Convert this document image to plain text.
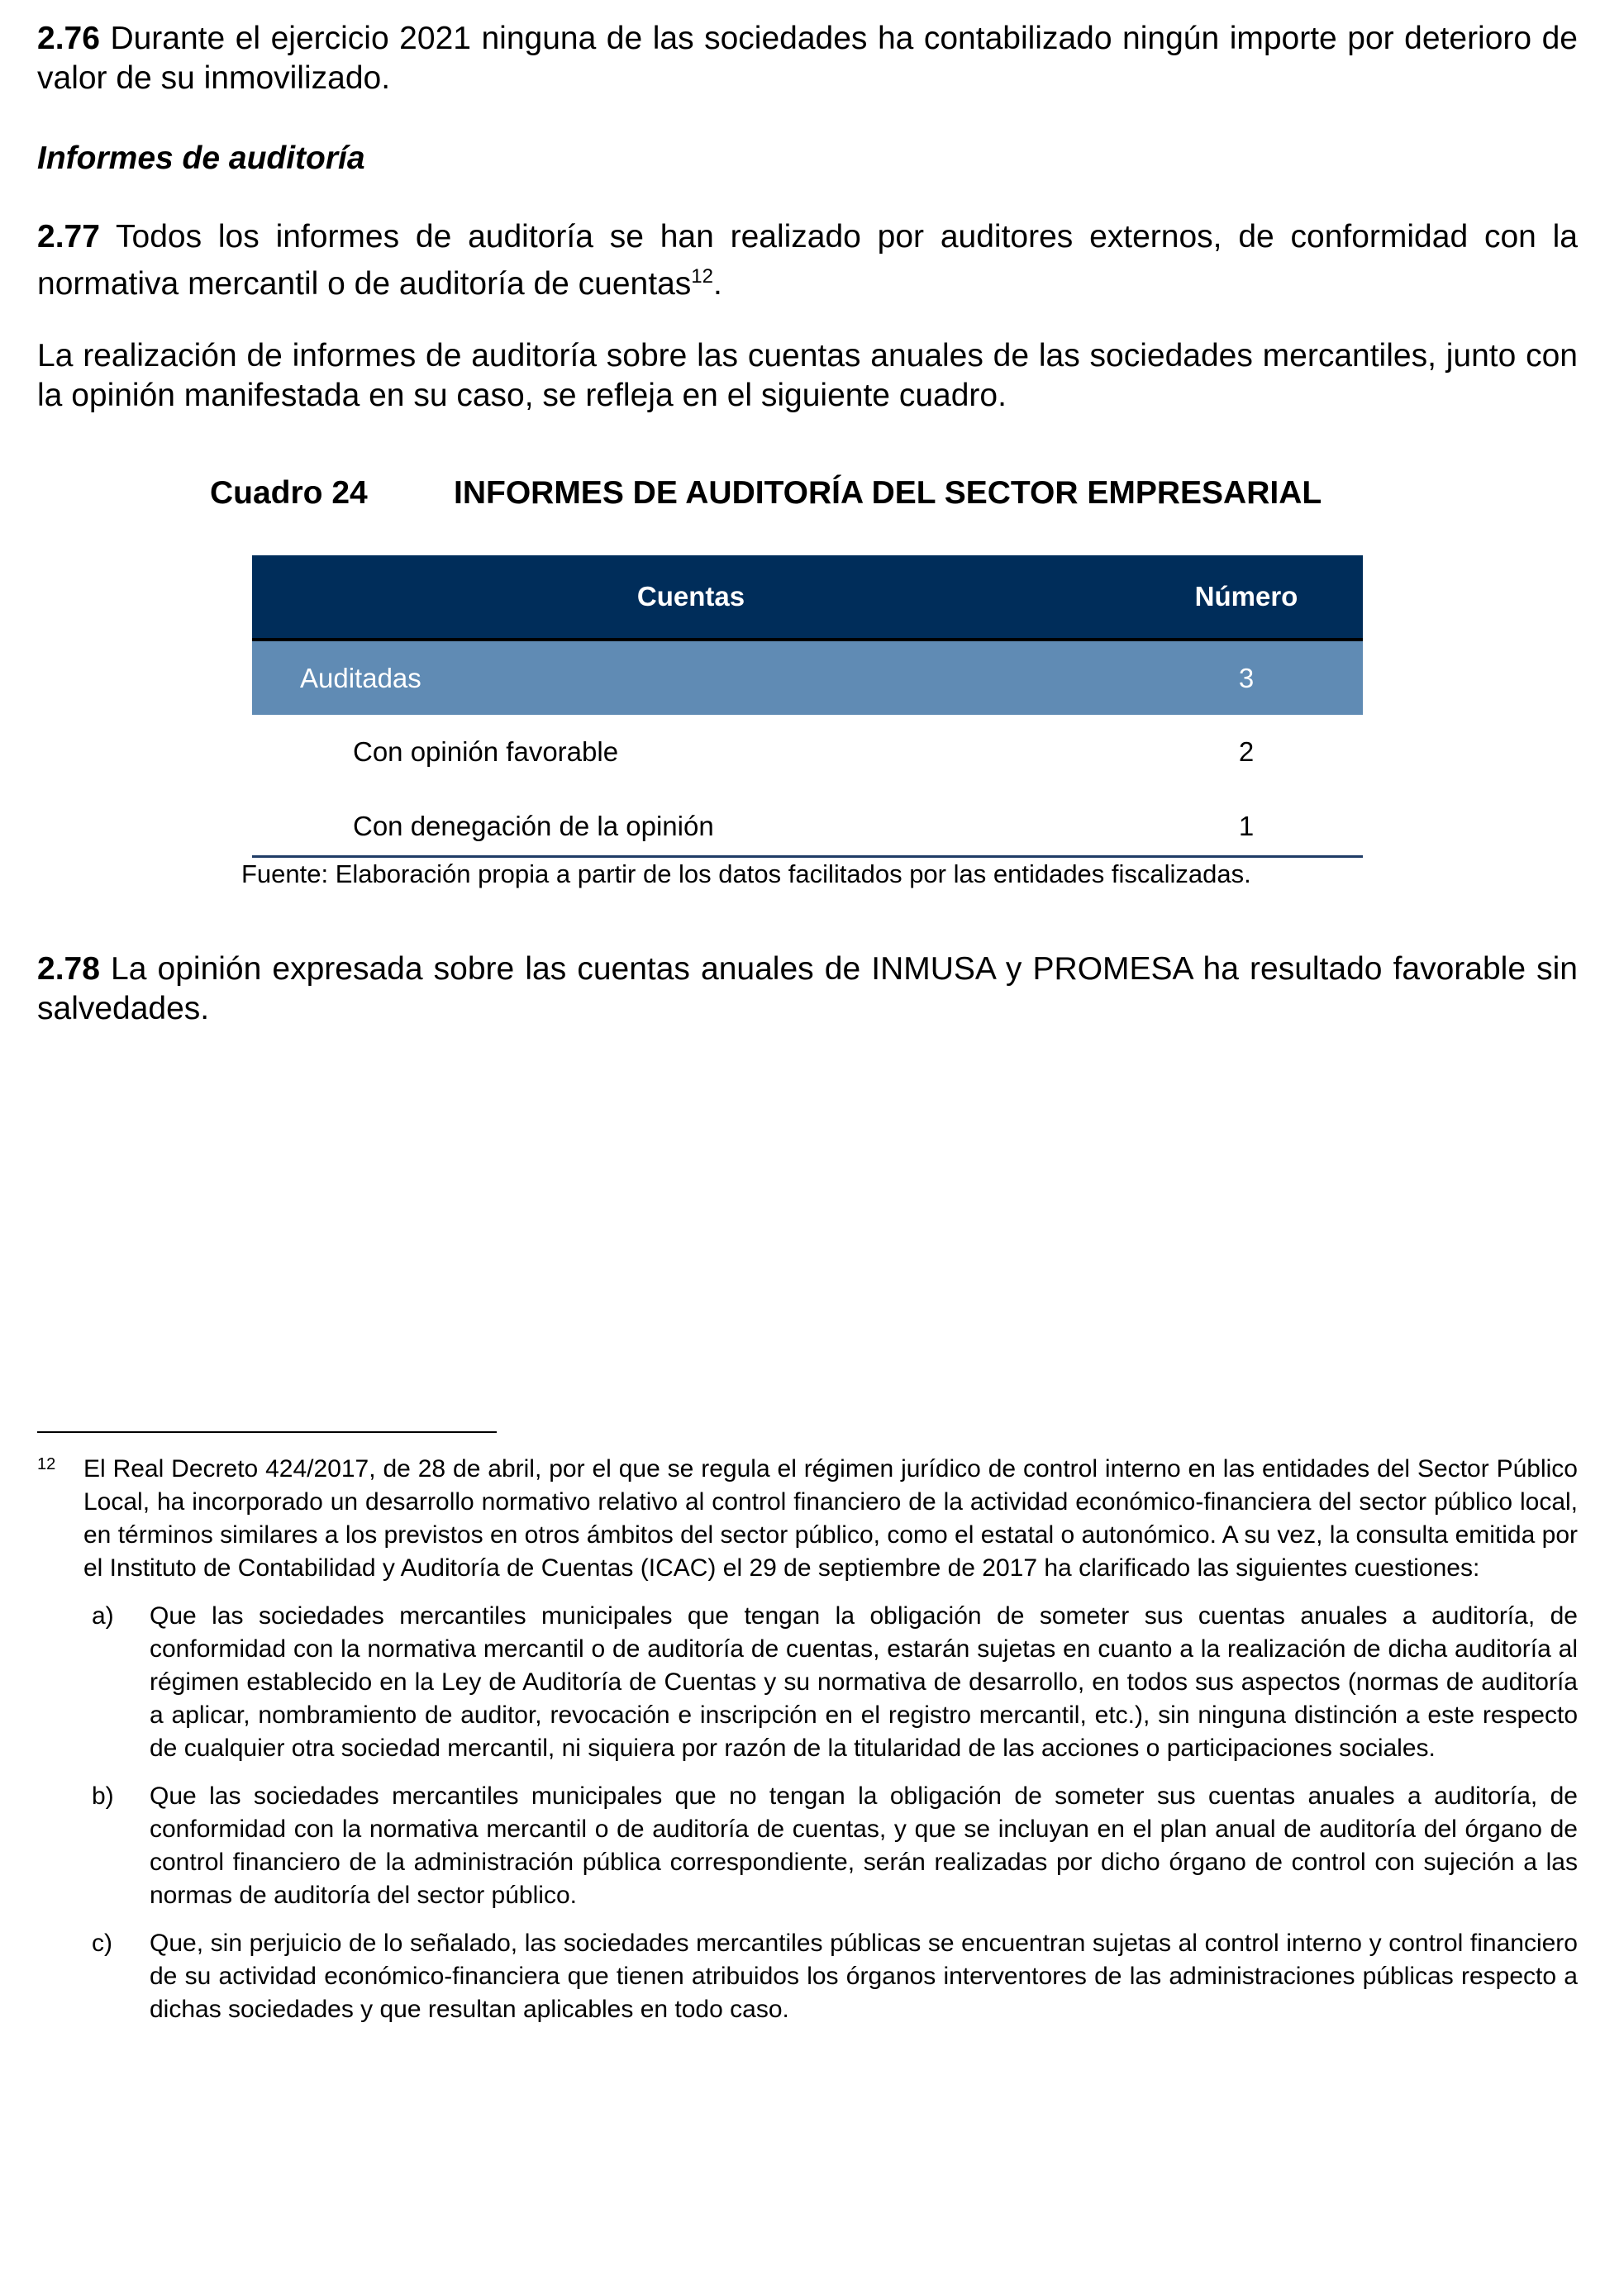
2.76 Durante el ejercicio 2021 ninguna de las sociedades ha contabilizado ningún importe por deterioro de valor de su inmovilizado.

Informes de auditoría

2.77 Todos los informes de auditoría se han realizado por auditores externos, de conformidad con la normativa mercantil o de auditoría de cuentas$^{12}$.

La realización de informes de auditoría sobre las cuentas anuales de las sociedades mercantiles, junto con la opinión manifestada en su caso, se refleja en el siguiente cuadro.

Cuadro 24	INFORMES DE AUDITORÍA DEL SECTOR EMPRESARIAL
Cuentas	Número
Auditadas	3
Con opinión favorable	2
Con denegación de la opinión	1
Fuente: Elaboración propia a partir de los datos facilitados por las entidades fiscalizadas.

2.78 La opinión expresada sobre las cuentas anuales de INMUSA y PROMESA ha resultado favorable sin salvedades.

12 El Real Decreto 424/2017, de 28 de abril, por el que se regula el régimen jurídico de control interno en las entidades del Sector Público Local, ha incorporado un desarrollo normativo relativo al control financiero de la actividad económico-financiera del sector público local, en términos similares a los previstos en otros ámbitos del sector público, como el estatal o autonómico. A su vez, la consulta emitida por el Instituto de Contabilidad y Auditoría de Cuentas (ICAC) el 29 de septiembre de 2017 ha clarificado las siguientes cuestiones:
a) Que las sociedades mercantiles municipales que tengan la obligación de someter sus cuentas anuales a auditoría, de conformidad con la normativa mercantil o de auditoría de cuentas, estarán sujetas en cuanto a la realización de dicha auditoría al régimen establecido en la Ley de Auditoría de Cuentas y su normativa de desarrollo, en todos sus aspectos (normas de auditoría a aplicar, nombramiento de auditor, revocación e inscripción en el registro mercantil, etc.), sin ninguna distinción a este respecto de cualquier otra sociedad mercantil, ni siquiera por razón de la titularidad de las acciones o participaciones sociales.
b) Que las sociedades mercantiles municipales que no tengan la obligación de someter sus cuentas anuales a auditoría, de conformidad con la normativa mercantil o de auditoría de cuentas, y que se incluyan en el plan anual de auditoría del órgano de control financiero de la administración pública correspondiente, serán realizadas por dicho órgano de control con sujeción a las normas de auditoría del sector público.
c) Que, sin perjuicio de lo señalado, las sociedades mercantiles públicas se encuentran sujetas al control interno y control financiero de su actividad económico-financiera que tienen atribuidos los órganos interventores de las administraciones públicas respecto a dichas sociedades y que resultan aplicables en todo caso.
